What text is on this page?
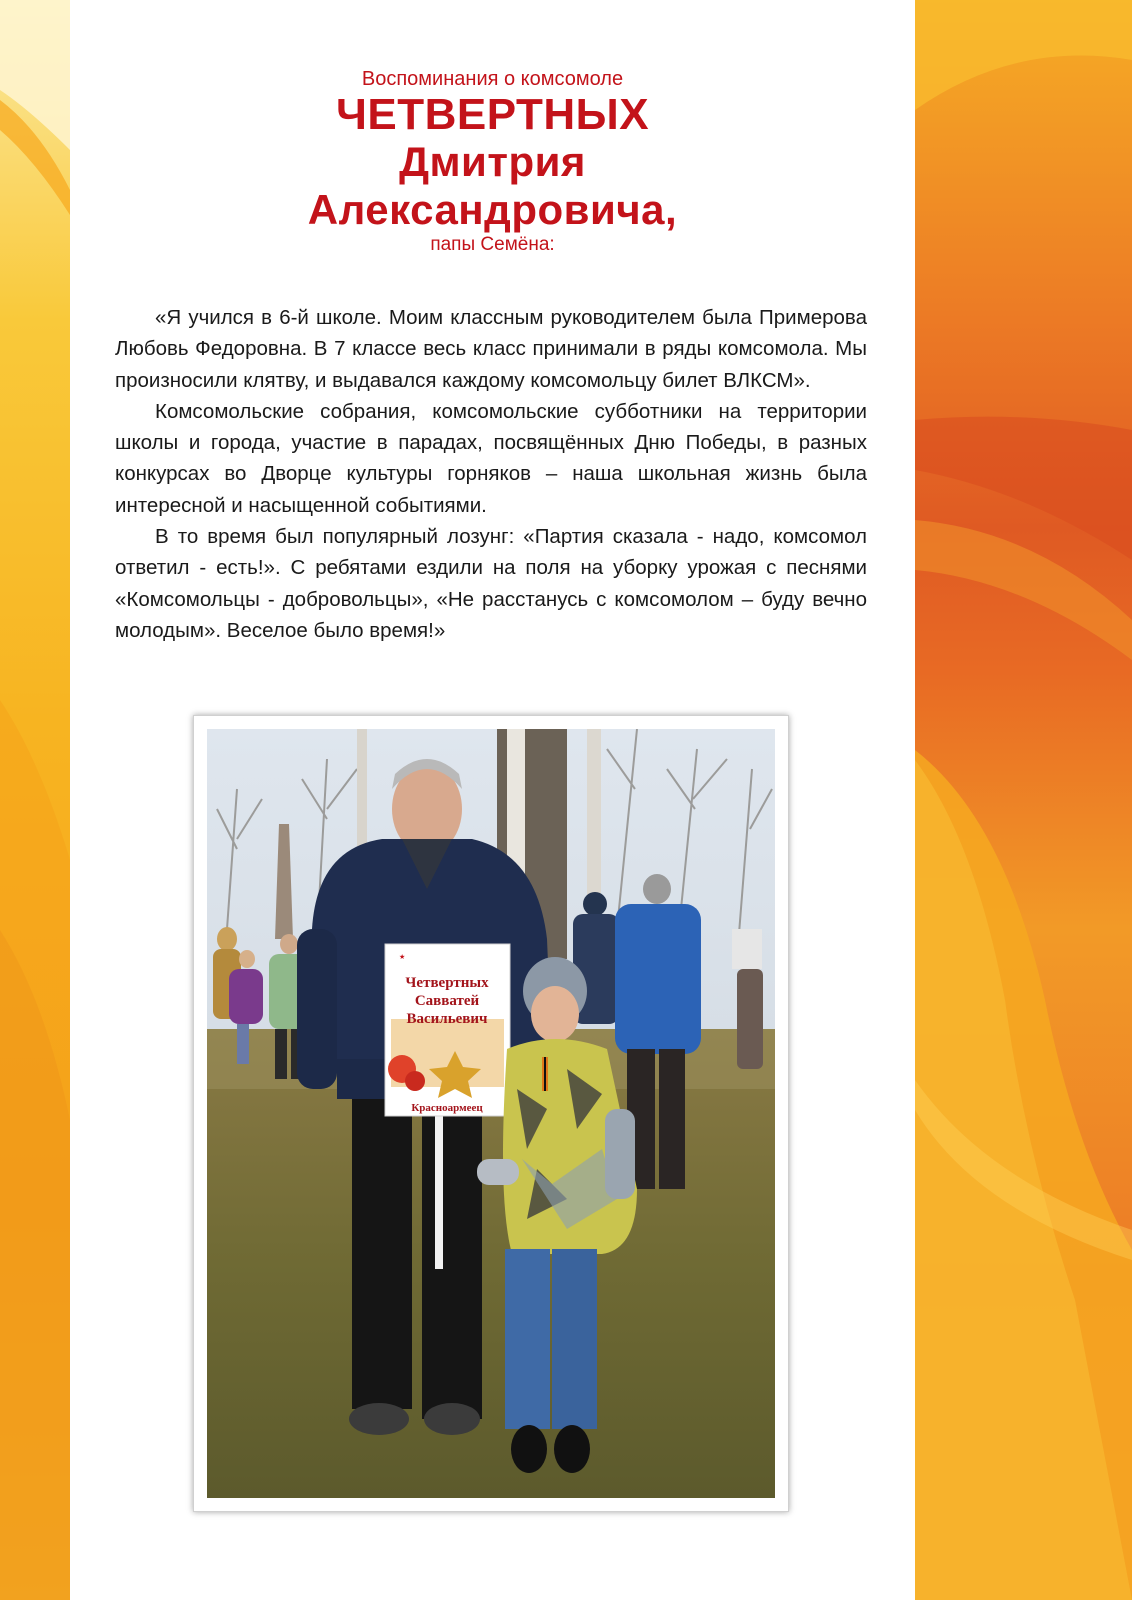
Воспоминания о комсомоле
ЧЕТВЕРТНЫХ
Дмитрия
Александровича,
папы Семёна:

«Я учился в 6-й школе. Моим классным руководителем была Примерова Любовь Федоровна. В 7 классе весь класс принимали в ряды комсомола. Мы произносили клятву, и выдавался каждому комсомольцу билет ВЛКСМ».

Комсомольские собрания, комсомольские субботники на территории школы и города, участие в парадах, посвящённых Дню Победы, в разных конкурсах во Дворце культуры горняков – наша школьная жизнь была интересной и насыщенной событиями.

В то время был популярный лозунг: «Партия сказала - надо, комсомол ответил - есть!». С ребятами ездили на поля на уборку урожая с песнями «Комсомольцы - добровольцы», «Не расстанусь с комсомолом – буду вечно молодым». Веселое было время!»

★
Четвертных
Савватей
Васильевич
Красноармеец
